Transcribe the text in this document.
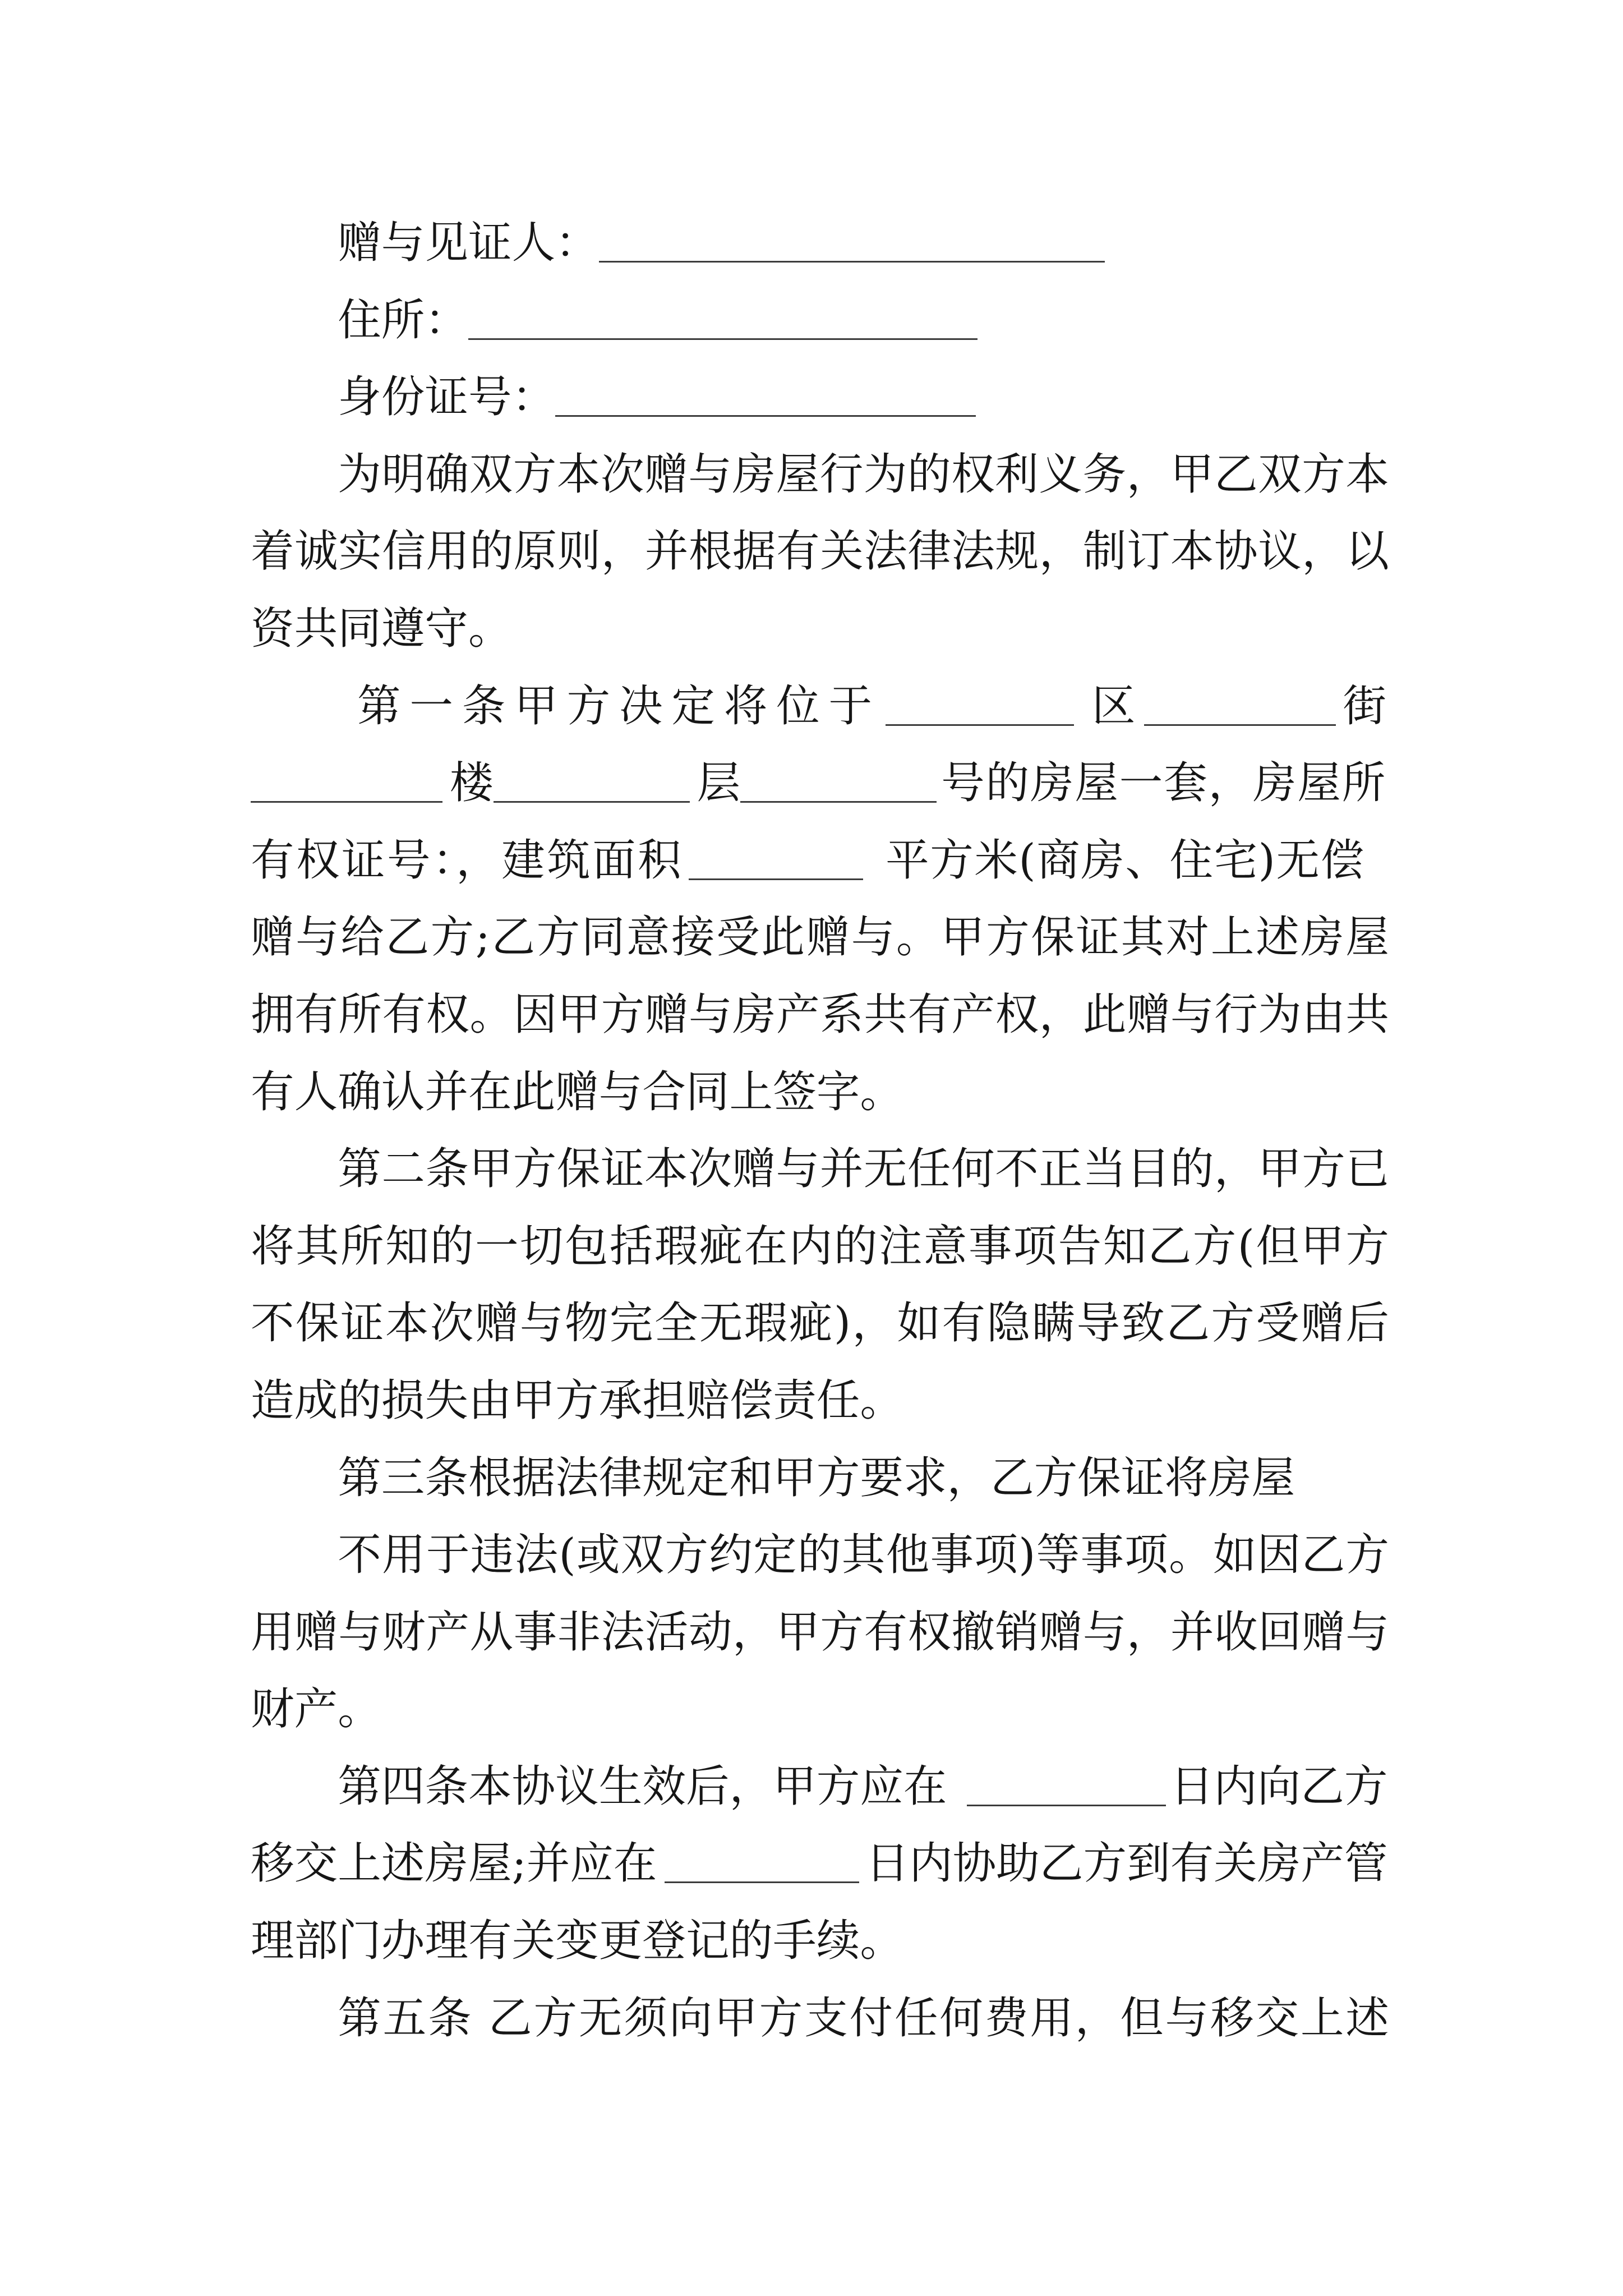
赠与见证人：
住所：
身份证号：
为明确双方本次赠与房屋行为的权利义务，甲乙双方本
着诚实信用的原则，并根据有关法律法规，制订本协议，以
资共同遵守。
第一条甲方决定将位于	区	街
楼	层	号的房屋一套，房屋所
有权证号：，建筑面积	平方米(商房、住宅)无偿
赠与给乙方;乙方同意接受此赠与。甲方保证其对上述房屋
拥有所有权。因甲方赠与房产系共有产权，此赠与行为由共
有人确认并在此赠与合同上签字。
第二条甲方保证本次赠与并无任何不正当目的，甲方已
将其所知的一切包括瑕疵在内的注意事项告知乙方(但甲方
不保证本次赠与物完全无瑕疵)，如有隐瞒导致乙方受赠后
造成的损失由甲方承担赔偿责任。
第三条根据法律规定和甲方要求，乙方保证将房屋
不用于违法(或双方约定的其他事项)等事项。如因乙方
用赠与财产从事非法活动，甲方有权撤销赠与，并收回赠与
财产。
第四条本协议生效后，甲方应在	日内向乙方
移交上述房屋;并应在	日内协助乙方到有关房产管
理部门办理有关变更登记的手续。
第五条 乙方无须向甲方支付任何费用，但与移交上述
